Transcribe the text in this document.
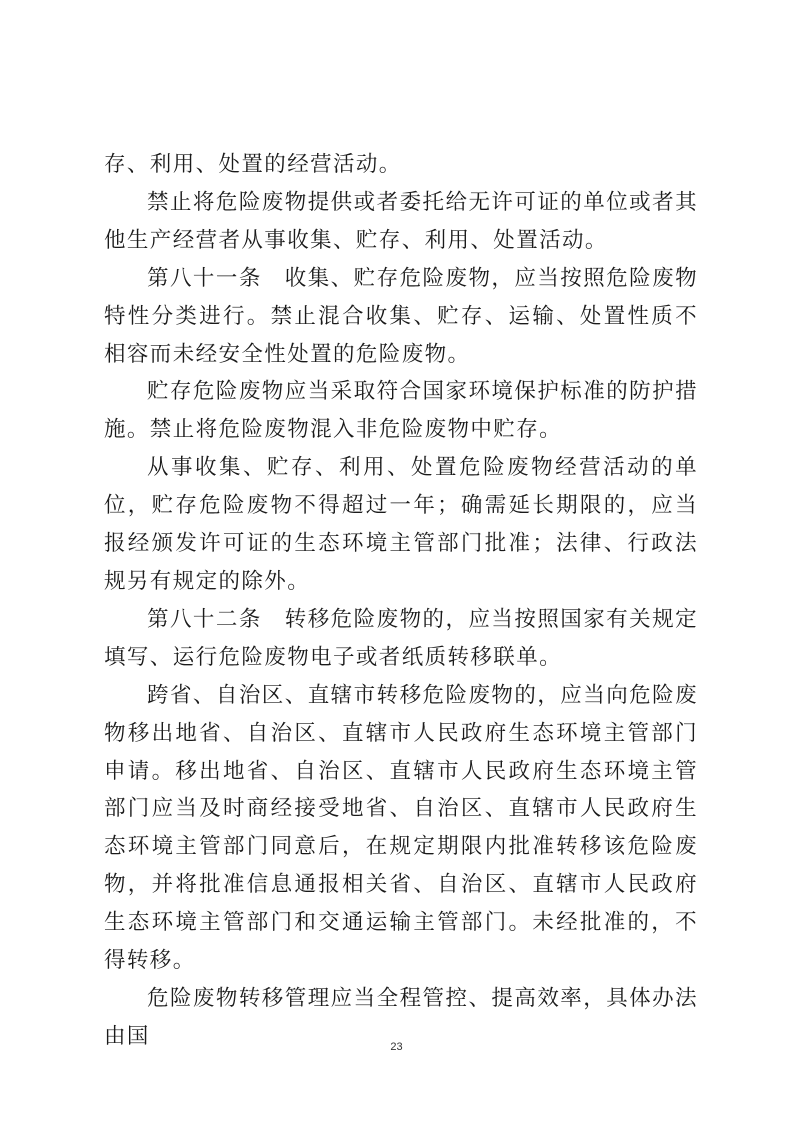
存、利用、处置的经营活动。

禁止将危险废物提供或者委托给无许可证的单位或者其他生产经营者从事收集、贮存、利用、处置活动。

第八十一条　收集、贮存危险废物，应当按照危险废物特性分类进行。禁止混合收集、贮存、运输、处置性质不相容而未经安全性处置的危险废物。

贮存危险废物应当采取符合国家环境保护标准的防护措施。禁止将危险废物混入非危险废物中贮存。

从事收集、贮存、利用、处置危险废物经营活动的单位，贮存危险废物不得超过一年；确需延长期限的，应当报经颁发许可证的生态环境主管部门批准；法律、行政法规另有规定的除外。

第八十二条　转移危险废物的，应当按照国家有关规定填写、运行危险废物电子或者纸质转移联单。

跨省、自治区、直辖市转移危险废物的，应当向危险废物移出地省、自治区、直辖市人民政府生态环境主管部门申请。移出地省、自治区、直辖市人民政府生态环境主管部门应当及时商经接受地省、自治区、直辖市人民政府生态环境主管部门同意后，在规定期限内批准转移该危险废物，并将批准信息通报相关省、自治区、直辖市人民政府生态环境主管部门和交通运输主管部门。未经批准的，不得转移。

危险废物转移管理应当全程管控、提高效率，具体办法由国	23
